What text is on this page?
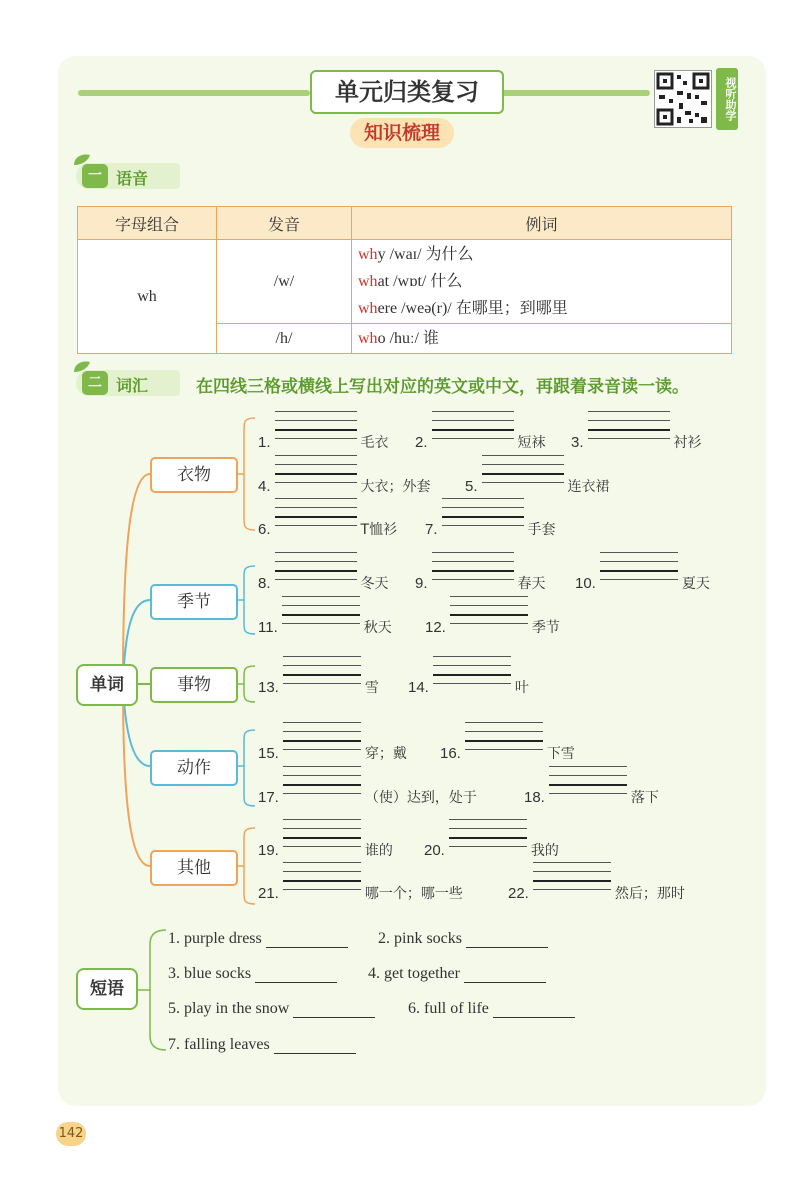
单元归类复习
知识梳理
视听助学
一 语音
字母组合	发音	例词
wh	/w/	why /waɪ/ 为什么
what /wɒt/ 什么
where /weə(r)/ 在哪里；到哪里

	/h/	who /huː/ 谁
二 词汇	在四线三格或横线上写出对应的英文或中文，再跟着录音读一读。
单词
衣物
季节
事物
动作
其他
1.	毛衣 2.	短袜 3.	衬衫
4.	大衣；外套 5.	连衣裙
6.	T恤衫 7.	手套
8.	冬天 9.	春天 10.	夏天
11.	秋天 12.	季节
13.	雪 14.	叶
15.	穿；戴 16.	下雪
17.	（使）达到，处于	18.	落下
19.	谁的 20.	我的
21.	哪一个；哪一些	22.	然后；那时
短语
1. purple dress	2. pink socks
3. blue socks	4. get together
5. play in the snow	6. full of life
7. falling leaves
142
